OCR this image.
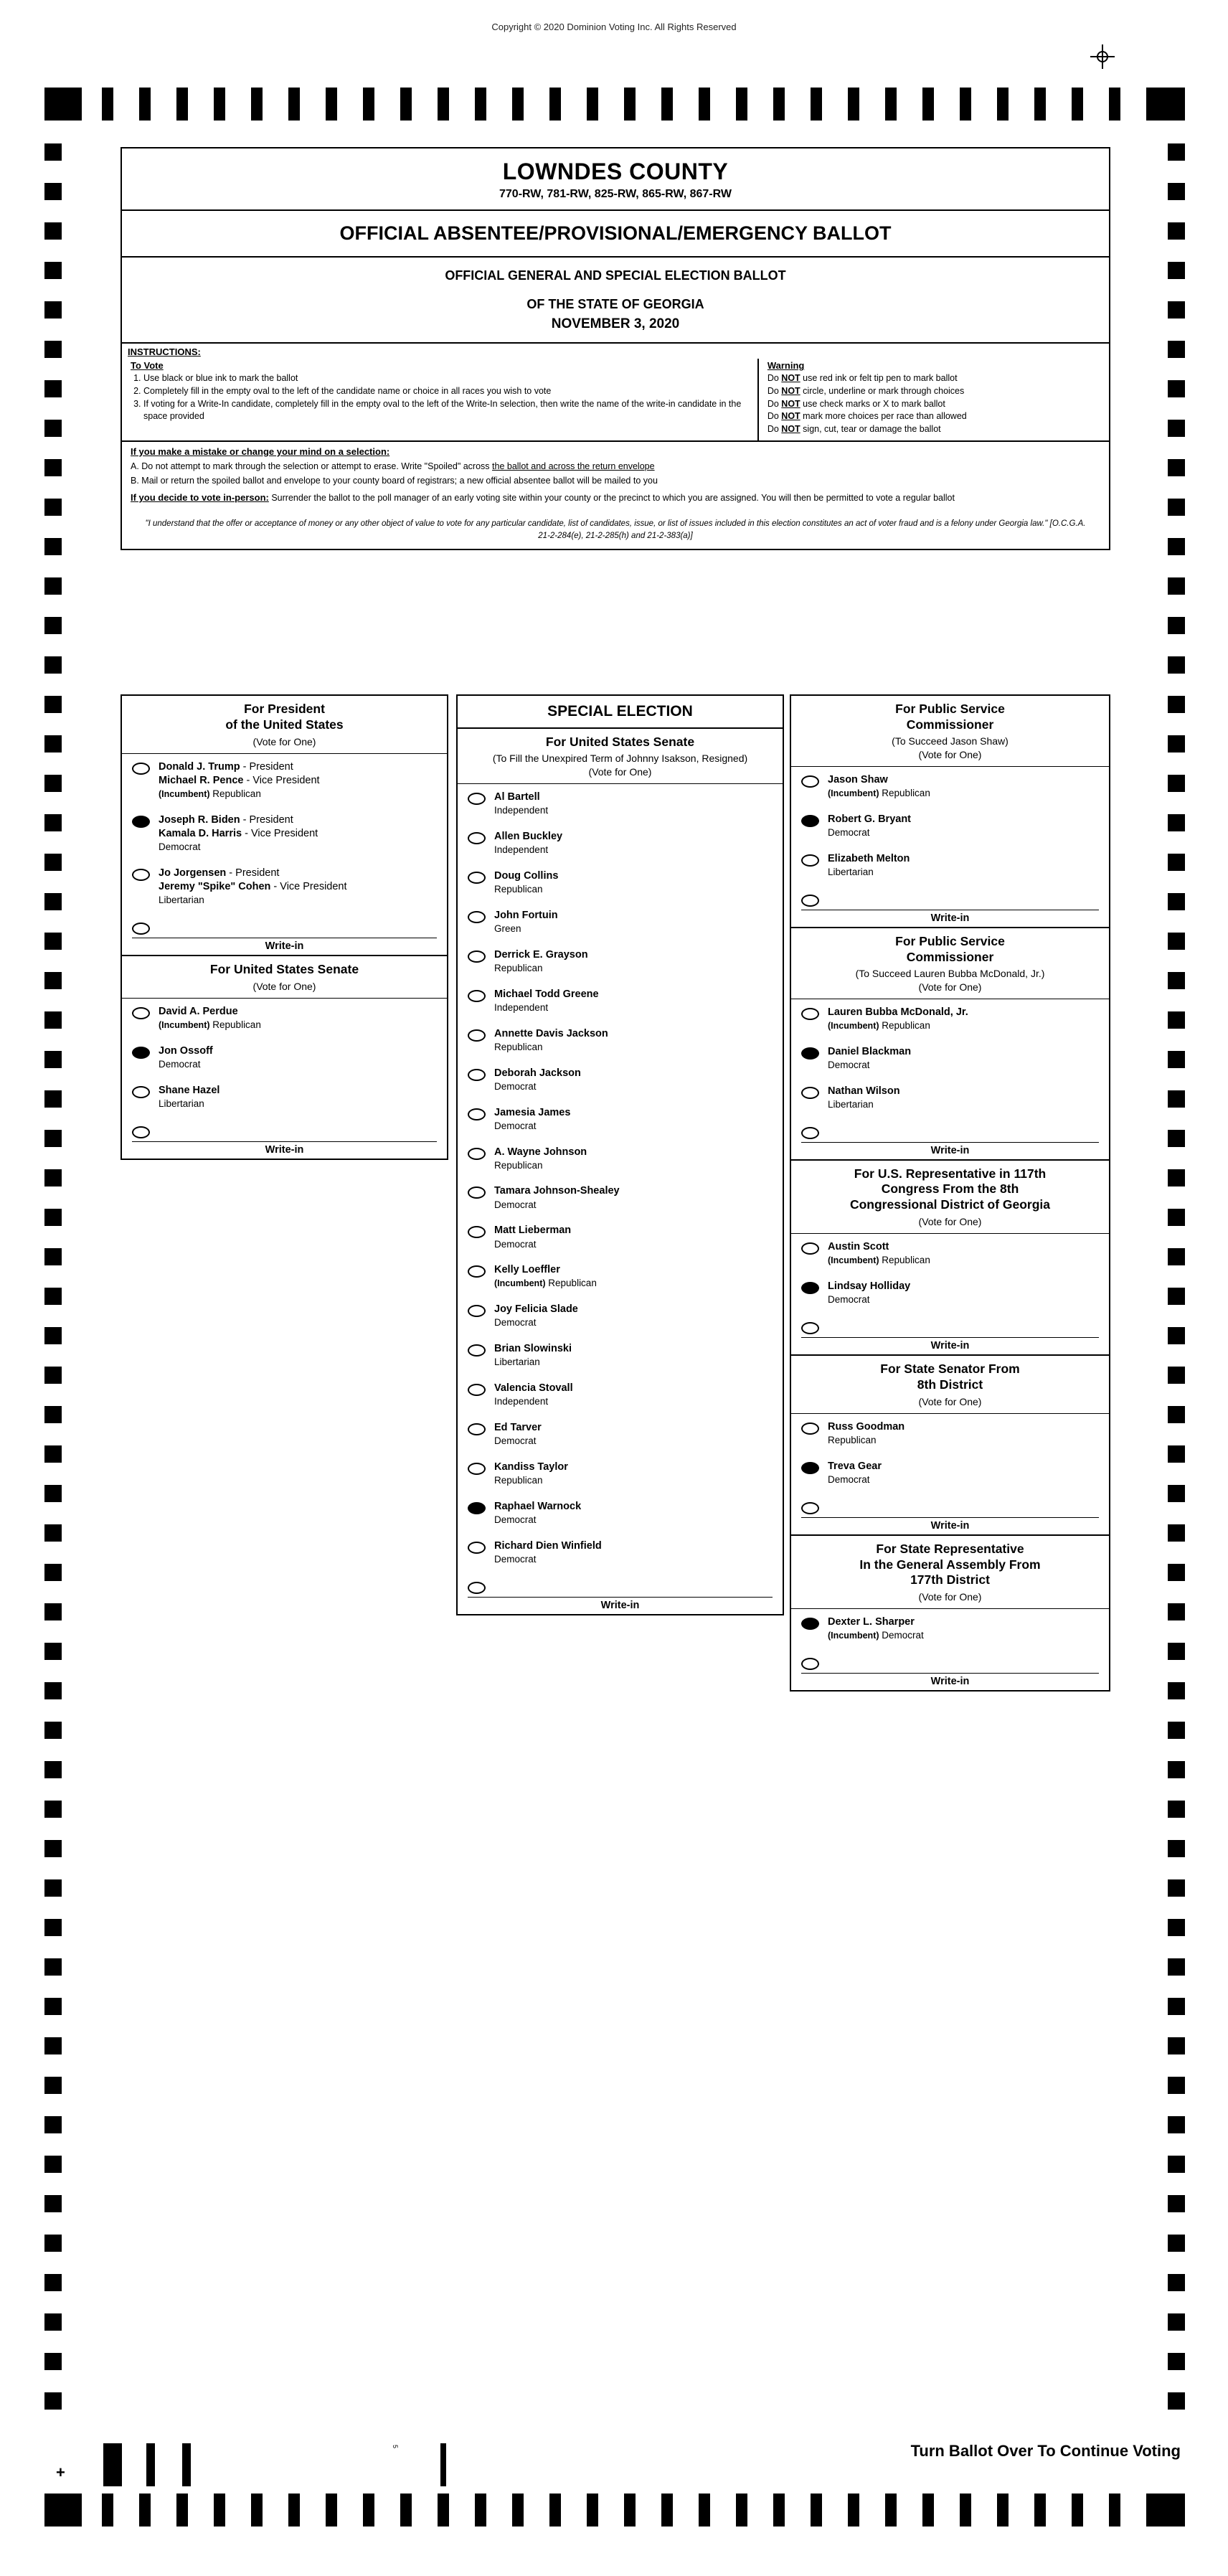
Copyright © 2020 Dominion Voting Inc. All Rights Reserved
+
5	Turn Ballot Over To Continue Voting
LOWNDES COUNTY
770-RW, 781-RW, 825-RW, 865-RW, 867-RW
OFFICIAL ABSENTEE/PROVISIONAL/EMERGENCY BALLOT
OFFICIAL GENERAL AND SPECIAL ELECTION BALLOT
OF THE STATE OF GEORGIA
NOVEMBER 3, 2020
INSTRUCTIONS:
To Vote
1. Use black or blue ink to mark the ballot
2. Completely fill in the empty oval to the left of the candidate name or choice in all races you wish to vote
3. If voting for a Write-In candidate, completely fill in the empty oval to the left of the Write-In selection, then write the name of the write-in candidate in the space provided
Warning
Do NOT use red ink or felt tip pen to mark ballot
Do NOT circle, underline or mark through choices
Do NOT use check marks or X to mark ballot
Do NOT mark more choices per race than allowed
Do NOT sign, cut, tear or damage the ballot
If you make a mistake or change your mind on a selection:
A. Do not attempt to mark through the selection or attempt to erase. Write "Spoiled" across the ballot and across the return envelope
B. Mail or return the spoiled ballot and envelope to your county board of registrars; a new official absentee ballot will be mailed to you
If you decide to vote in-person: Surrender the ballot to the poll manager of an early voting site within your county or the precinct to which you are assigned. You will then be permitted to vote a regular ballot
"I understand that the offer or acceptance of money or any other object of value to vote for any particular candidate, list of candidates, issue, or list of issues included in this election constitutes an act of voter fraud and is a felony under Georgia law." [O.C.G.A. 21-2-284(e), 21-2-285(h) and 21-2-383(a)]
For President
of the United States
(Vote for One)
Donald J. Trump - President
Michael R. Pence - Vice President
(Incumbent) Republican
Joseph R. Biden - President
Kamala D. Harris - Vice President
Democrat
Jo Jorgensen - President
Jeremy "Spike" Cohen - Vice President
Libertarian
Write-in
For United States Senate
(Vote for One)
David A. Perdue
(Incumbent) Republican
Jon Ossoff
Democrat
Shane Hazel
Libertarian
Write-in
SPECIAL ELECTION
For United States Senate
(To Fill the Unexpired Term of Johnny Isakson, Resigned)
(Vote for One)
Al Bartell
Independent
Allen Buckley
Independent
Doug Collins
Republican
John Fortuin
Green
Derrick E. Grayson
Republican
Michael Todd Greene
Independent
Annette Davis Jackson
Republican
Deborah Jackson
Democrat
Jamesia James
Democrat
A. Wayne Johnson
Republican
Tamara Johnson-Shealey
Democrat
Matt Lieberman
Democrat
Kelly Loeffler
(Incumbent) Republican
Joy Felicia Slade
Democrat
Brian Slowinski
Libertarian
Valencia Stovall
Independent
Ed Tarver
Democrat
Kandiss Taylor
Republican
Raphael Warnock
Democrat
Richard Dien Winfield
Democrat
Write-in
For Public Service
Commissioner
(To Succeed Jason Shaw)
(Vote for One)
Jason Shaw
(Incumbent) Republican
Robert G. Bryant
Democrat
Elizabeth Melton
Libertarian
Write-in
For Public Service
Commissioner
(To Succeed Lauren Bubba McDonald, Jr.)
(Vote for One)
Lauren Bubba McDonald, Jr.
(Incumbent) Republican
Daniel Blackman
Democrat
Nathan Wilson
Libertarian
Write-in
For U.S. Representative in 117th
Congress From the 8th
Congressional District of Georgia
(Vote for One)
Austin Scott
(Incumbent) Republican
Lindsay Holliday
Democrat
Write-in
For State Senator From
8th District
(Vote for One)
Russ Goodman
Republican
Treva Gear
Democrat
Write-in
For State Representative
In the General Assembly From
177th District
(Vote for One)
Dexter L. Sharper
(Incumbent) Democrat
Write-in
